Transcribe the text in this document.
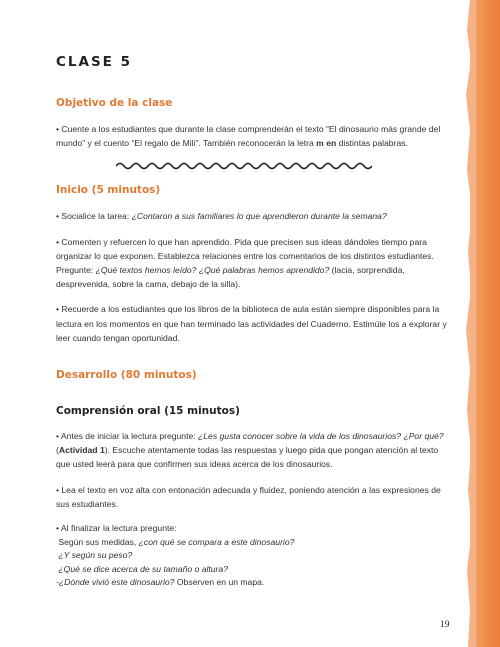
CLASE 5
Objetivo de la clase

• Cuente a los estudiantes que durante la clase comprenderán el texto “El dinosaurio más grande del mundo” y el cuento “El regalo de Mili”. También reconocerán la letra m en distintas palabras.

Inicio (5 minutos)

• Socialice la tarea: ¿Contaron a sus familiares lo que aprendieron durante la semana?

• Comenten y refuercen lo que han aprendido. Pida que precisen sus ideas dándoles tiempo para organizar lo que exponen. Establezca relaciones entre los comentarios de los distintos estudiantes. Pregunte: ¿Qué textos hemos leído? ¿Qué palabras hemos aprendido? (lacia, sorprendida, desprevenida, sobre la cama, debajo de la silla).

• Recuerde a los estudiantes que los libros de la biblioteca de aula están siempre disponibles para la lectura en los momentos en que han terminado las actividades del Cuaderno. Estimúle los a explorar y leer cuando tengan oportunidad.

Desarrollo (80 minutos)
Comprensión oral (15 minutos)

• Antes de iniciar la lectura pregunte: ¿Les gusta conocer sobre la vida de los dinosaurios? ¿Por qué? (Actividad 1). Escuche atentamente todas las respuestas y luego pida que pongan atención al texto que usted leerá para que confirmen sus ideas acerca de los dinosaurios.

• Lea el texto en voz alta con entonación adecuada y fluidez, poniendo atención a las expresiones de sus estudiantes.

• Al finalizar la lectura pregunte:

Según sus medidas, ¿con qué se compara a este dinosaurio?

¿Y según su peso?

¿Qué se dice acerca de su tamaño o altura?

-¿Dónde vivió este dinosaurio? Observen en un mapa.

19
